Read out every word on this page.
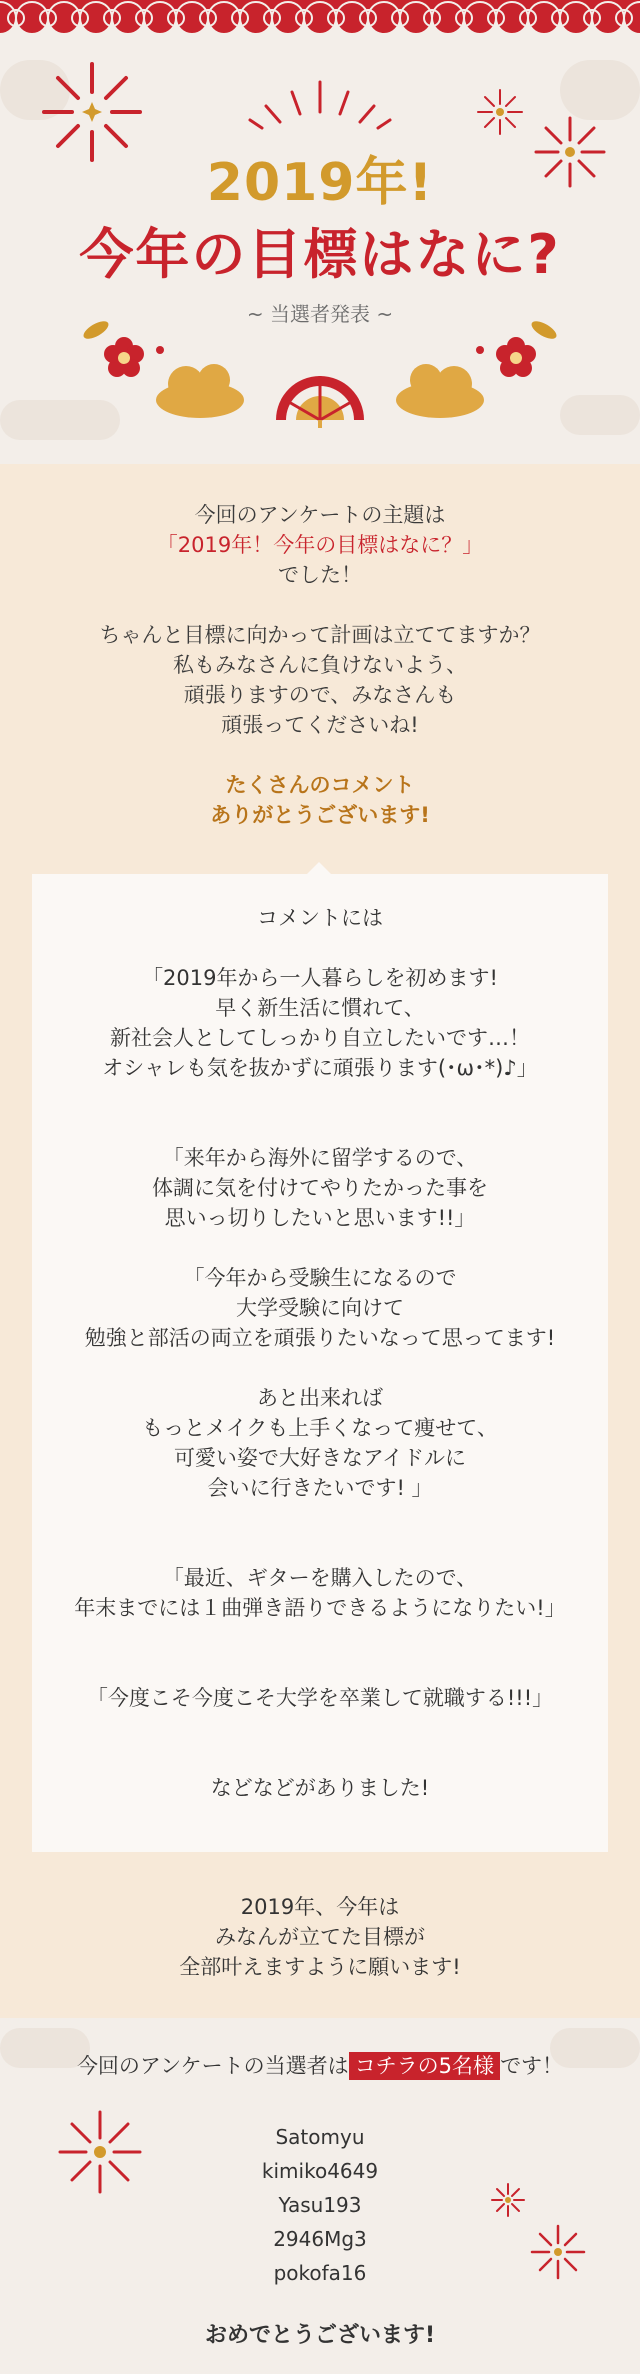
2019年!
今年の目標はなに?
~ 当選者発表 ~

今回のアンケートの主題は

「2019年！今年の目標はなに？」

でした！

ちゃんと目標に向かって計画は立ててますか？

私もみなさんに負けないよう、

頑張りますので、みなさんも

頑張ってくださいね!

たくさんのコメント

ありがとうございます!

コメントには

「2019年から一人暮らしを初めます!

早く新生活に慣れて、

新社会人としてしっかり自立したいです…！

オシャレも気を抜かずに頑張ります(･ω･*)♪」

「来年から海外に留学するので、

体調に気を付けてやりたかった事を

思いっ切りしたいと思います!!」

「今年から受験生になるので

大学受験に向けて

勉強と部活の両立を頑張りたいなって思ってます!

あと出来れば

もっとメイクも上手くなって痩せて、

可愛い姿で大好きなアイドルに

会いに行きたいです! 」

「最近、ギターを購入したので、

年末までには１曲弾き語りできるようになりたい!」

「今度こそ今度こそ大学を卒業して就職する!!!」

などなどがありました!

2019年、今年は

みなんが立てた目標が

全部叶えますように願います!

今回のアンケートの当選者は コチラの5名様 です！
Satomyu
kimiko4649
Yasu193
2946Mg3
pokofa16
おめでとうございます!
